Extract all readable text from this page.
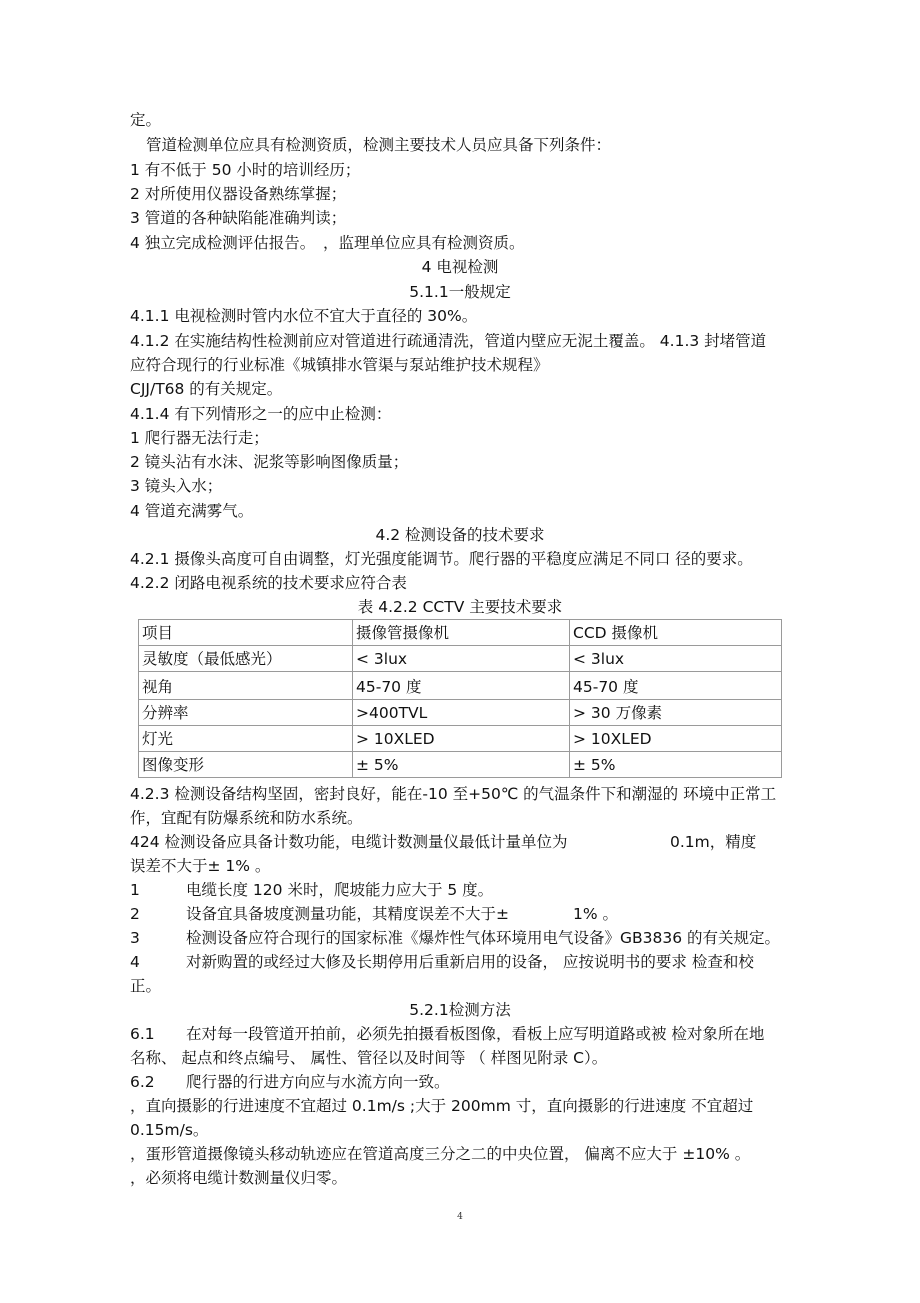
定。
管道检测单位应具有检测资质，检测主要技术人员应具备下列条件：
1 有不低于 50 小时的培训经历；
2 对所使用仪器设备熟练掌握；
3 管道的各种缺陷能准确判读；
4 独立完成检测评估报告。　，监理单位应具有检测资质。
4 电视检测
5.1.1一般规定
4.1.1 电视检测时管内水位不宜大于直径的 30%。
4.1.2 在实施结构性检测前应对管道进行疏通清洗，管道内壁应无泥土覆盖。 4.1.3 封堵管道
应符合现行的行业标准《城镇排水管渠与泵站维护技术规程》
CJJ/T68 的有关规定。
4.1.4 有下列情形之一的应中止检测：
1 爬行器无法行走；
2 镜头沾有水沫、泥浆等影响图像质量；
3 镜头入水；
4 管道充满雾气。
4.2 检测设备的技术要求
4.2.1 摄像头高度可自由调整，灯光强度能调节。爬行器的平稳度应满足不同口 径的要求。
4.2.2 闭路电视系统的技术要求应符合表
表 4.2.2 CCTV 主要技术要求
项目	摄像管摄像机	CCD 摄像机
灵敏度（最低感光）	< 3lux	< 3lux
视角	45-70 度	45-70 度
分辨率	>400TVL	> 30 万像素
灯光	> 10XLED	> 10XLED
图像变形	± 5%	± 5%
4.2.3 检测设备结构坚固，密封良好，能在-10 至+50℃ 的气温条件下和潮湿的 环境中正常工
作，宜配有防爆系统和防水系统。
424 检测设备应具备计数功能，电缆计数测量仪最低计量单位为	0.1m，精度
误差不大于± 1% 。
1	电缆长度 120 米时，爬坡能力应大于 5 度。
2	设备宜具备坡度测量功能，其精度误差不大于±	1% 。
3	检测设备应符合现行的国家标准《爆炸性气体环境用电气设备》GB3836 的有关规定。
4	对新购置的或经过大修及长期停用后重新启用的设备， 应按说明书的要求 检查和校
正。
5.2.1检测方法
6.1 在对每一段管道开拍前，必须先拍摄看板图像，看板上应写明道路或被 检对象所在地
名称、 起点和终点编号、 属性、管径以及时间等 （ 样图见附录 C）。
6.2 爬行器的行进方向应与水流方向一致。
，直向摄影的行进速度不宜超过 0.1m/s ;大于 200mm 寸，直向摄影的行进速度 不宜超过
0.15m/s。
，蛋形管道摄像镜头移动轨迹应在管道高度三分之二的中央位置， 偏离不应大于 ±10% 。
，必须将电缆计数测量仪归零。
4
